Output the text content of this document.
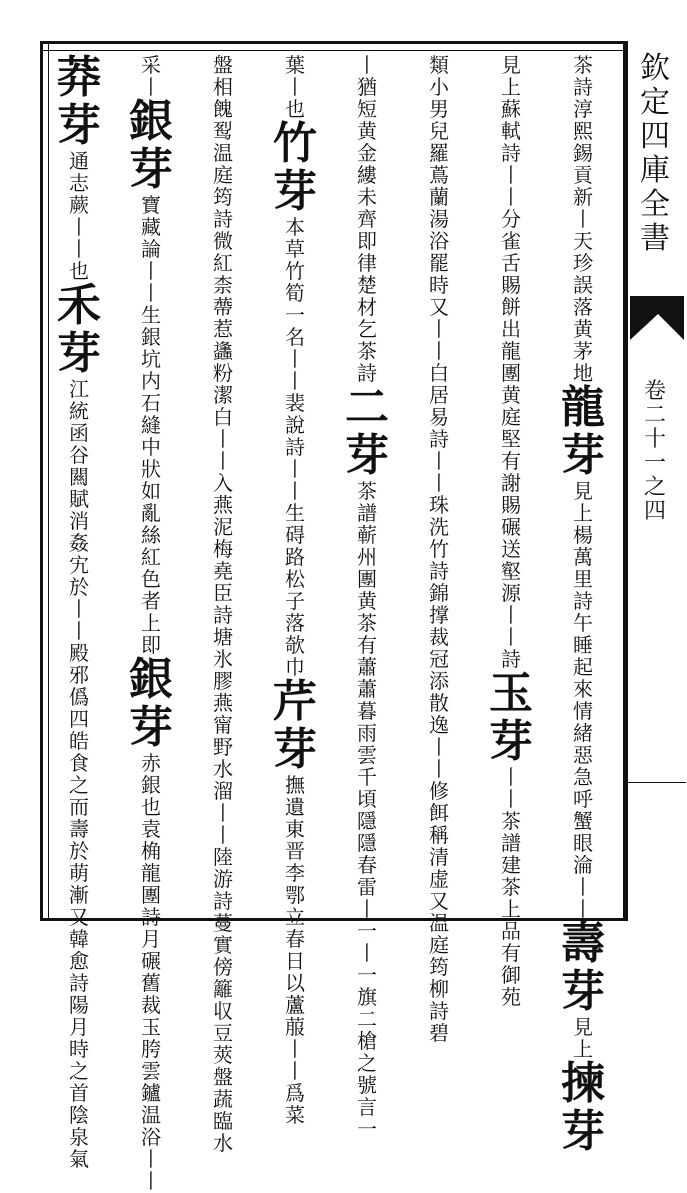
欽
定
四
庫
全
書
卷
二
十
一
之
四
茶
詩
淳
熙
錫
貢
新
丨
天
珍
誤
落
黄
茅
地
龍
芽
見
上
楊
萬
里
詩
午
睡
起
來
情
緒
惡
急
呼
蟹
眼
淪
丨
丨
壽
芽
見
上
揀
芽
見
上
蘇
軾
詩
丨
丨
分
雀
舌
賜
餅
出
龍
團
黄
庭
堅
有
謝
賜
碾
送
壑
源
丨
丨
詩
玉
芽
丨
丨
茶
譜
建
茶
上
品
有
御
苑
類
小
男
兒
羅
蔦
蘭
湯
浴
罷
時
又
丨
丨
白
居
易
詩
丨
丨
珠
洗
竹
詩
錦
撑
裁
冠
添
散
逸
丨
丨
修
餌
稱
清
虚
又
温
庭
筠
柳
詩
碧
丨
猶
短
黄
金
縷
未
齊
即
律
楚
材
乞
茶
詩
二
芽
茶
譜
蕲
州
團
黄
茶
有
蕭
蕭
暮
雨
雲
千
頃
隱
隱
春
雷
丨
一
丨
一
旗
二
槍
之
號
言
一
葉
丨
也
竹
芽
本
草
竹
筍
一
名
丨
丨
裴
說
詩
丨
丨
生
碍
路
松
子
落
欹
巾
芹
芽
撫
遺
東
晋
李
鄂
立
春
日
以
蘆
菔
丨
丨
爲
菜
盤
相
餽
䴕
温
庭
筠
詩
微
紅
柰
蔕
惹
蠭
粉
潔
白
丨
丨
入
燕
泥
梅
堯
臣
詩
塘
氷
膠
燕
甯
野
水
溜
丨
丨
陸
游
詩
蔓
實
傍
籬
収
豆
莢
盤
蔬
臨
水
采
丨
銀
芽
寶
藏
論
丨
丨
生
銀
坑
内
石
縫
中
狀
如
亂
絲
紅
色
者
上
即
銀
芽
赤
銀
也
袁
桷
龍
團
詩
月
碾
舊
裁
玉
胯
雲
鑪
温
浴
丨
丨
莽
芽
通
志
蕨
丨
丨
也
禾
芽
江
統
函
谷
闗
賦
消
姦
宄
於
丨
丨
殿
邪
僞
四
皓
食
之
而
壽
於
萌
漸
又
韓
愈
詩
陽
月
時
之
首
陰
泉
氣
